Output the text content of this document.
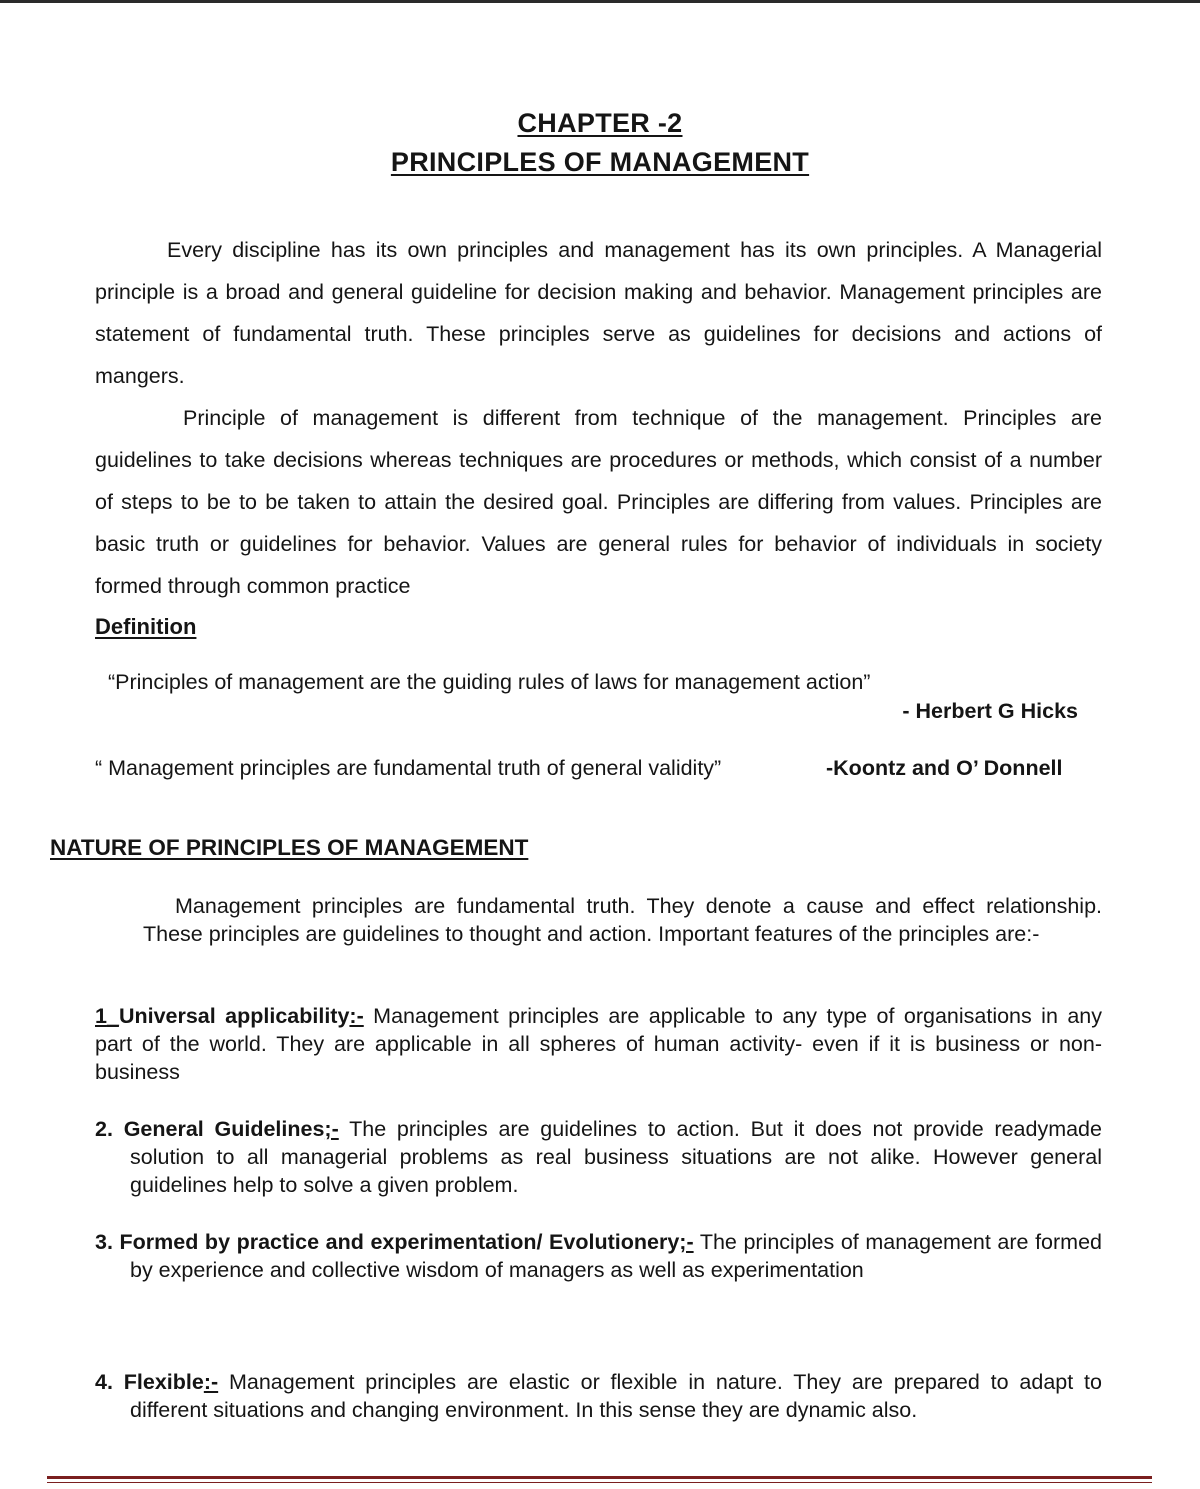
CHAPTER -2
PRINCIPLES OF MANAGEMENT

Every discipline has its own principles and management has its own principles. A Managerial principle is a broad and general guideline for decision making and behavior. Management principles are statement of fundamental truth. These principles serve as guidelines for decisions and actions of mangers.

Principle of management is different from technique of the management. Principles are guidelines to take decisions whereas techniques are procedures or methods, which consist of a number of steps to be to be taken to attain the desired goal. Principles are differing from values. Principles are basic truth or guidelines for behavior. Values are general rules for behavior of individuals in society formed through common practice

Definition
“Principles of management are the guiding rules of laws for management action”
- Herbert G Hicks
“ Management principles are fundamental truth of general validity”	-Koontz and O’ Donnell
NATURE OF PRINCIPLES OF MANAGEMENT

Management principles are fundamental truth. They denote a cause and effect relationship. These principles are guidelines to thought and action. Important features of the principles are:-

1_Universal applicability:- Management principles are applicable to any type of organisations in any part of the world. They are applicable in all spheres of human activity- even if it is business or non-business

2. General Guidelines;- The principles are guidelines to action. But it does not provide readymade solution to all managerial problems as real business situations are not alike. However general guidelines help to solve a given problem.

3. Formed by practice and experimentation/ Evolutionery;- The principles of management are formed by experience and collective wisdom of managers as well as experimentation

4. Flexible:- Management principles are elastic or flexible in nature. They are prepared to adapt to different situations and changing environment. In this sense they are dynamic also.
